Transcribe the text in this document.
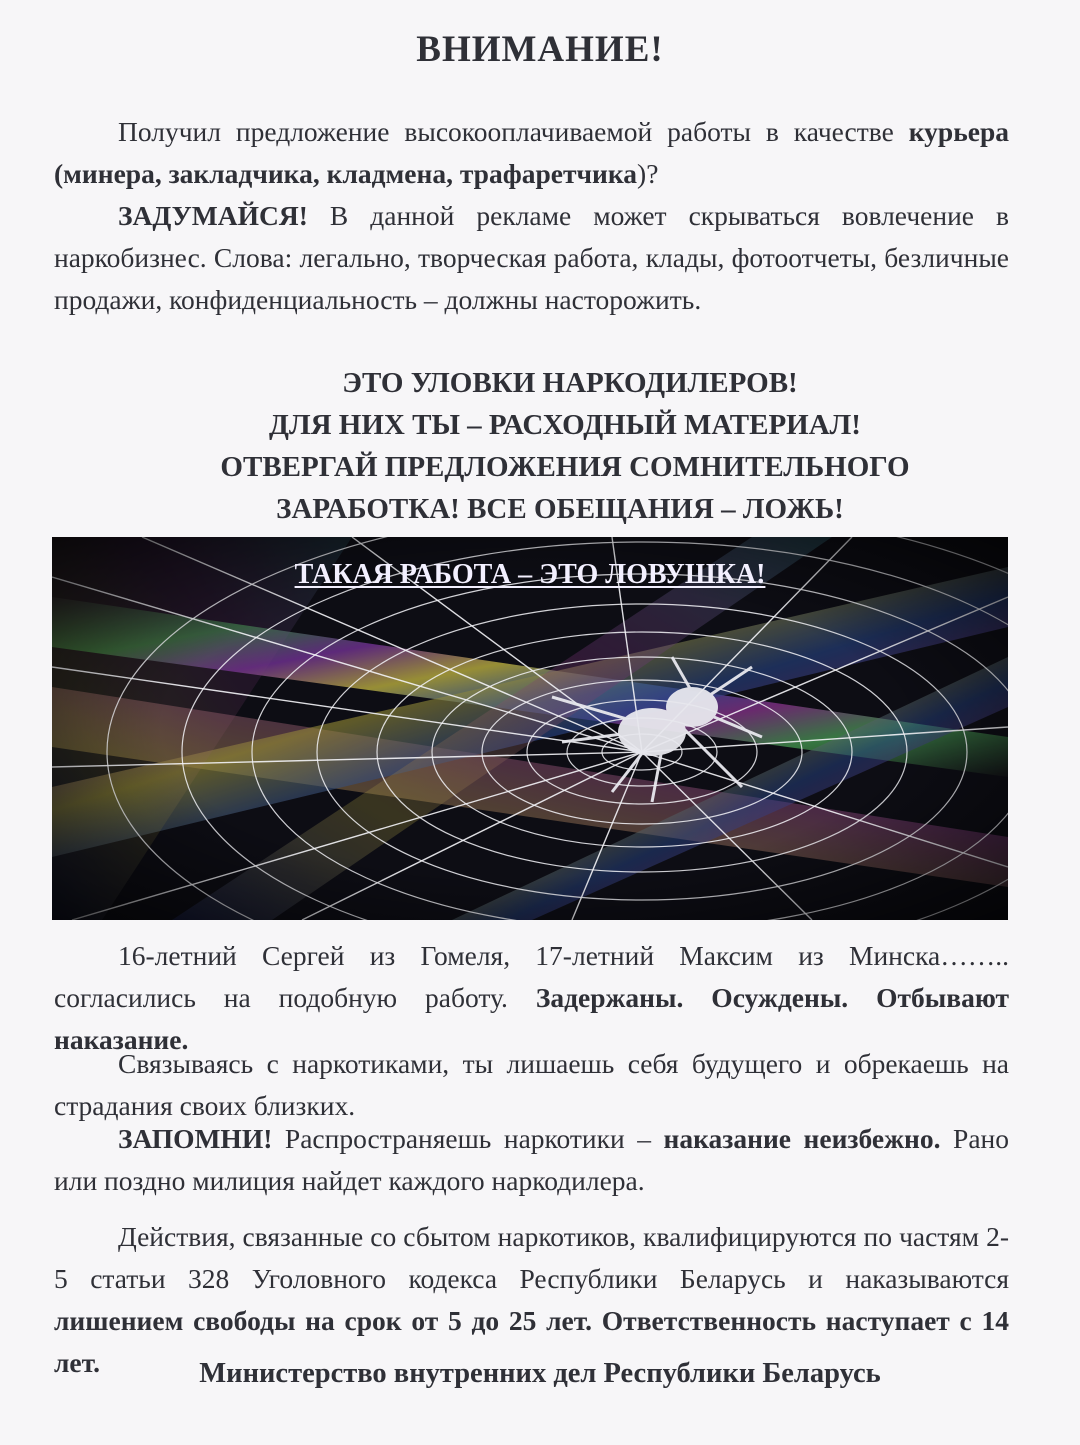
ВНИМАНИЕ!

Получил предложение высокооплачиваемой работы в качестве курьера (минера, закладчика, кладмена, трафаретчика)?

ЗАДУМАЙСЯ! В данной рекламе может скрываться вовлечение в наркобизнес. Слова: легально, творческая работа, клады, фотоотчеты, безличные продажи, конфиденциальность – должны насторожить.

ЭТО УЛОВКИ НАРКОДИЛЕРОВ!
ДЛЯ НИХ ТЫ – РАСХОДНЫЙ МАТЕРИАЛ!
ОТВЕРГАЙ ПРЕДЛОЖЕНИЯ СОМНИТЕЛЬНОГО
ЗАРАБОТКА! ВСЕ ОБЕЩАНИЯ – ЛОЖЬ!
ТАКАЯ РАБОТА – ЭТО ЛОВУШКА!

16-летний Сергей из Гомеля, 17-летний Максим из Минска…….. согласились на подобную работу. Задержаны. Осуждены. Отбывают наказание.

Связываясь с наркотиками, ты лишаешь себя будущего и обрекаешь на страдания своих близких.

ЗАПОМНИ! Распространяешь наркотики – наказание неизбежно. Рано или поздно милиция найдет каждого наркодилера.

Действия, связанные со сбытом наркотиков, квалифицируются по частям 2-5 статьи 328 Уголовного кодекса Республики Беларусь и наказываются лишением свободы на срок от 5 до 25 лет. Ответственность наступает с 14 лет.	Министерство внутренних дел Республики Беларусь
